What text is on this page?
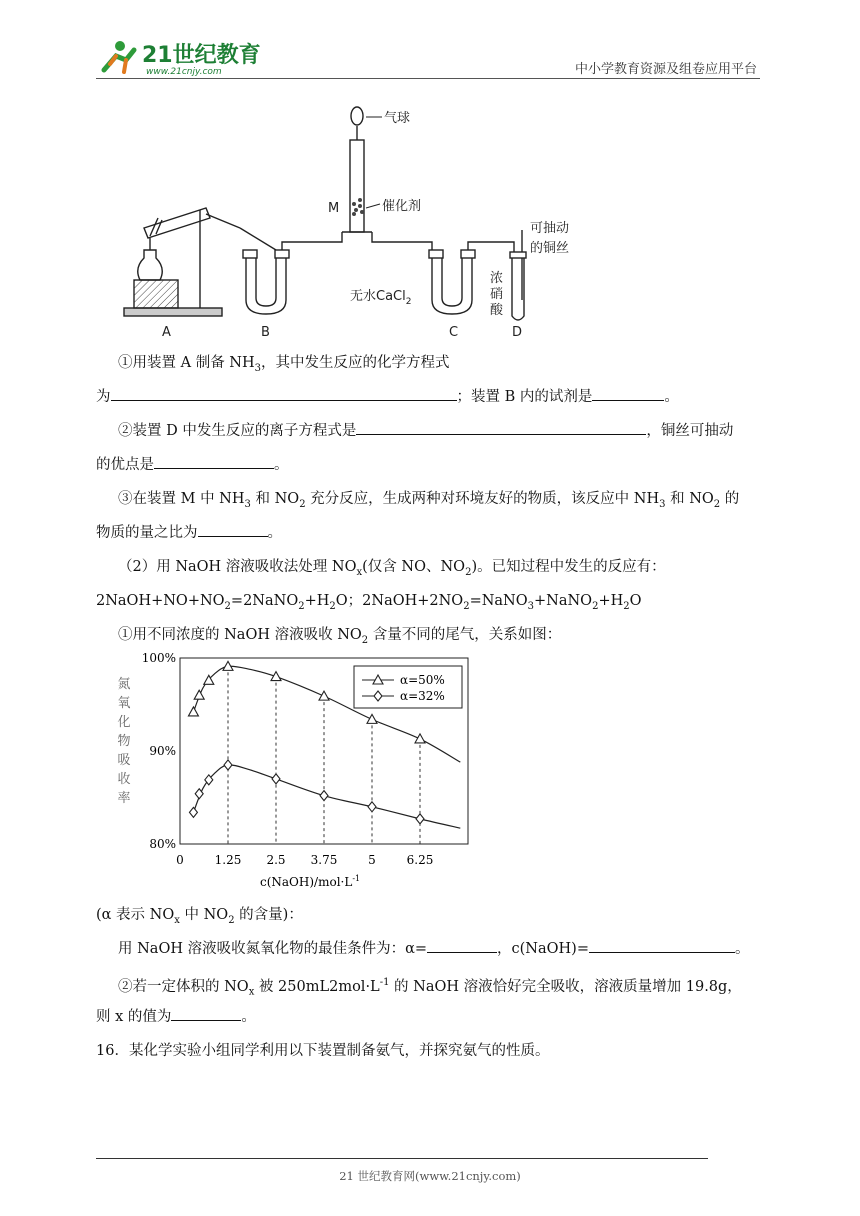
21世纪教育
www.21cnjy.com	中小学教育资源及组卷应用平台
气球
M	催化剂
可抽动
的铜丝
浓
硝
酸
无水CaCl$_2$
A	B	C	D
①用装置 A 制备 $NH_3$，其中发生反应的化学方程式
为	；装置 B 内的试剂是	。
②装置 D 中发生反应的离子方程式是	，铜丝可抽动
的优点是	。
③在装置 M 中 $NH_3$ 和 $NO_2$ 充分反应，生成两种对环境友好的物质，该反应中 $NH_3$ 和 $NO_2$ 的
物质的量之比为	。
（2）用 NaOH 溶液吸收法处理 $NO_x$(仅含 NO、$NO_2$)。已知过程中发生的反应有：
$2NaOH+NO+NO_2=2NaNO_2+H_2O$；$2NaOH+2NO_2=NaNO_3+NaNO_2+H_2O$
①用不同浓度的 NaOH 溶液吸收 $NO_2$ 含量不同的尾气，关系如图：
80%
90%
100%
0	1.25 2.5 3.75	5	6.25
氮
氧
化
物
吸
收
率
$c(NaOH)/mol\cdot L^{-1}$
α=50%
α=32%
(α 表示 $NO_x$ 中 $NO_2$ 的含量)：
用 NaOH 溶液吸收氮氧化物的最佳条件为：α=	，c(NaOH)=	。
②若一定体积的 $NO_x$ 被 $250mL2mol\cdot L^{-1}$ 的 NaOH 溶液恰好完全吸收，溶液质量增加 19.8g，
则 x 的值为	。
16．某化学实验小组同学利用以下装置制备氨气，并探究氨气的性质。
21 世纪教育网(www.21cnjy.com)
